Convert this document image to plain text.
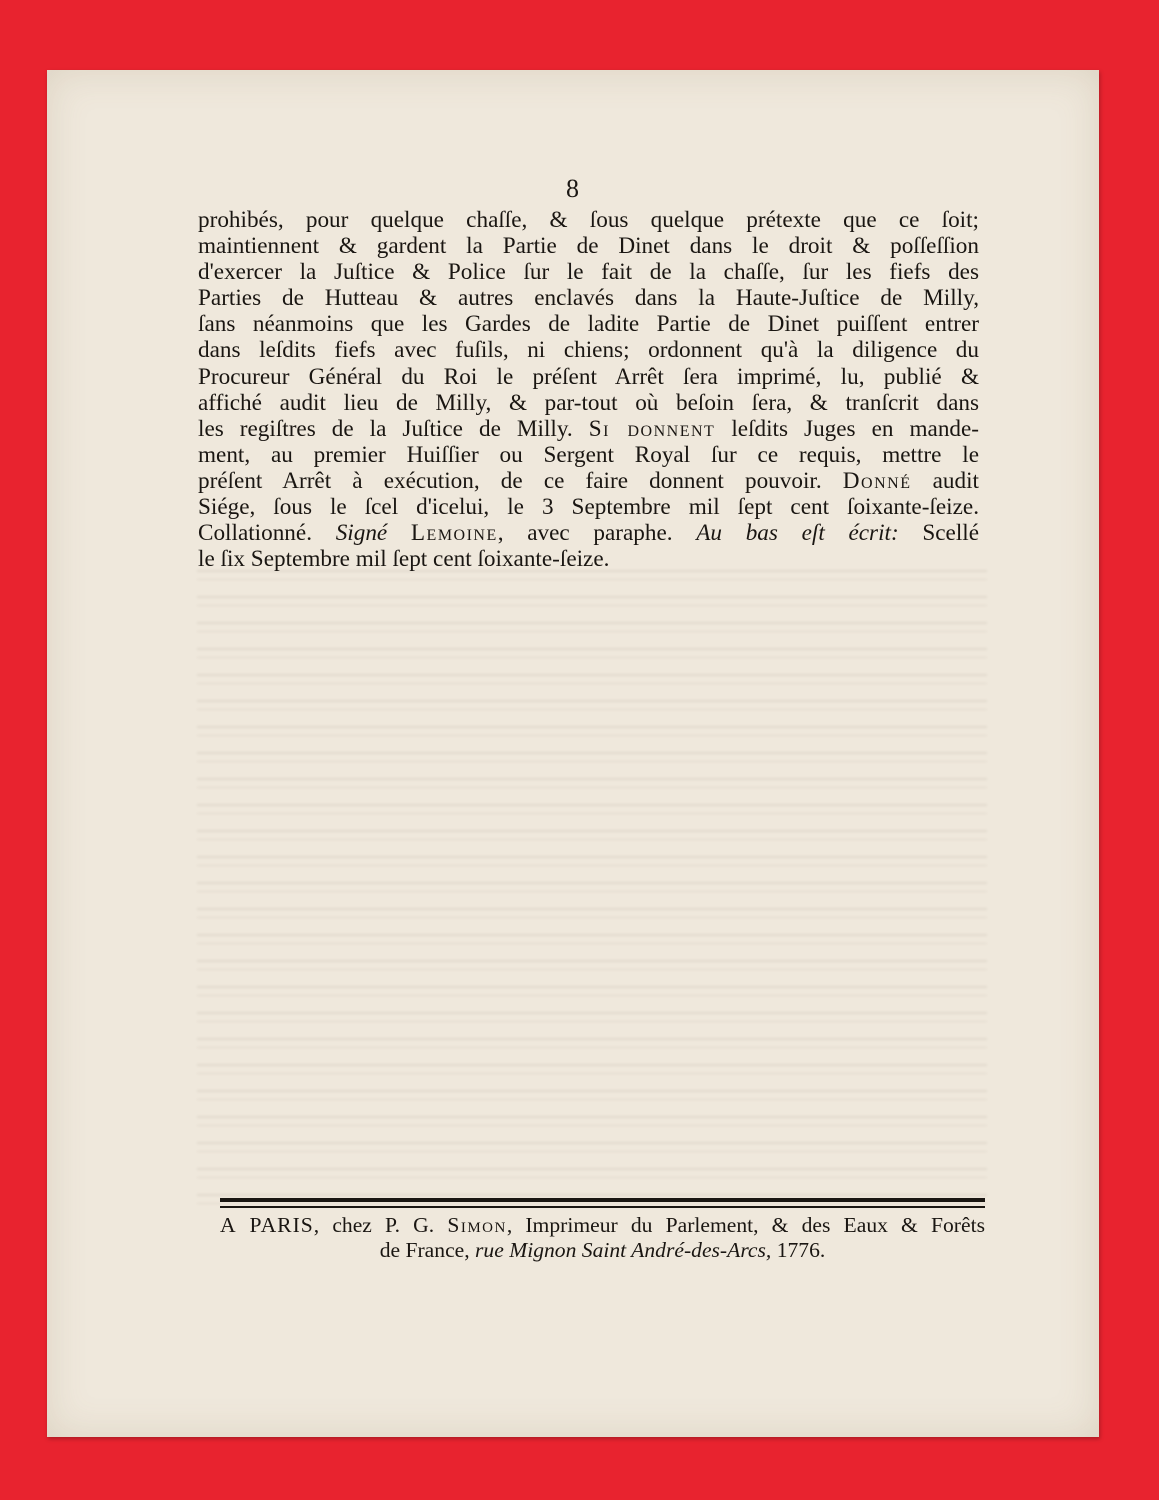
8
prohibés, pour quelque chaſſe, & ſous quelque prétexte que ce ſoit;
maintiennent & gardent la Partie de Dinet dans le droit & poſſeſſion
d'exercer la Juſtice & Police ſur le fait de la chaſſe, ſur les fiefs des
Parties de Hutteau & autres enclavés dans la Haute-Juſtice de Milly,
ſans néanmoins que les Gardes de ladite Partie de Dinet puiſſent entrer
dans leſdits fiefs avec fuſils, ni chiens; ordonnent qu'à la diligence du
Procureur Général du Roi le préſent Arrêt ſera imprimé, lu, publié &
affiché audit lieu de Milly, & par-tout où beſoin ſera, & tranſcrit dans
les regiſtres de la Juſtice de Milly. Si donnent leſdits Juges en mande-
ment, au premier Huiſſier ou Sergent Royal ſur ce requis, mettre le
préſent Arrêt à exécution, de ce faire donnent pouvoir. Donné audit
Siége, ſous le ſcel d'icelui, le 3 Septembre mil ſept cent ſoixante-ſeize.
Collationné. Signé Lemoine, avec paraphe. Au bas eſt écrit: Scellé
le ſix Septembre mil ſept cent ſoixante-ſeize.
A PARIS, chez P. G. Simon, Imprimeur du Parlement, & des Eaux & Forêts
de France, rue Mignon Saint André-des-Arcs, 1776.
